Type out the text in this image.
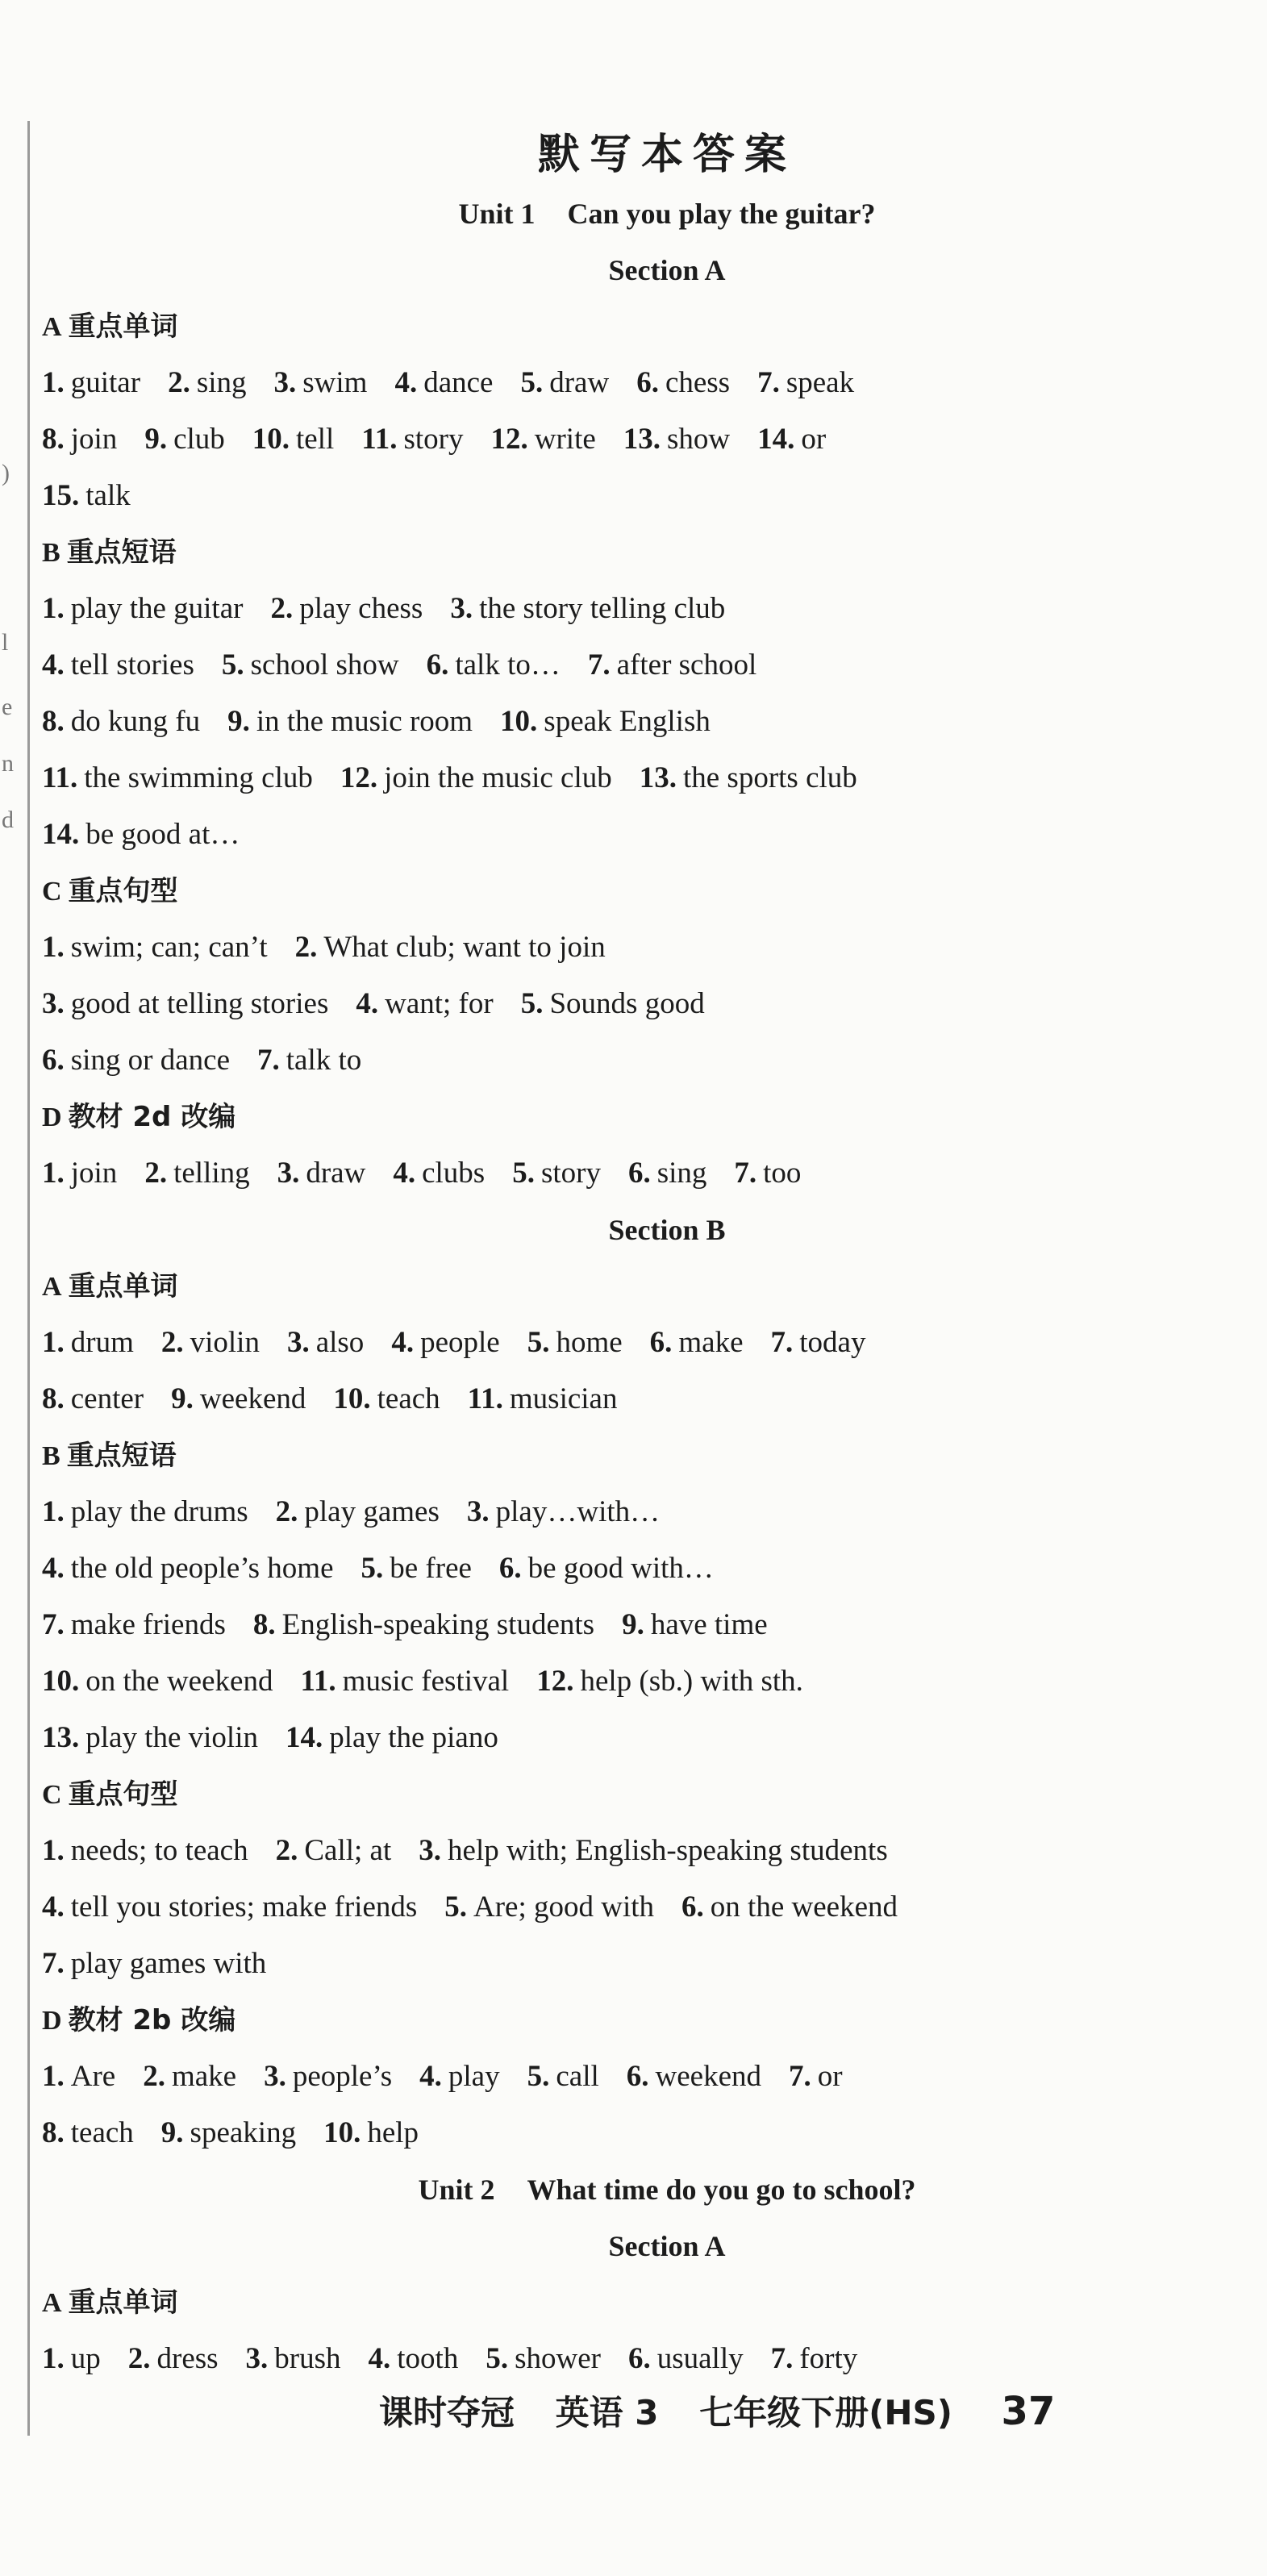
)
l
e
n
d
默写本答案
Unit 1 Can you play the guitar?
Section A
A 重点单词
1. guitar 2. sing 3. swim 4. dance 5. draw 6. chess 7. speak
8. join 9. club 10. tell 11. story 12. write 13. show 14. or
15. talk
B 重点短语
1. play the guitar 2. play chess 3. the story telling club
4. tell stories 5. school show 6. talk to… 7. after school
8. do kung fu 9. in the music room 10. speak English
11. the swimming club 12. join the music club 13. the sports club
14. be good at…
C 重点句型
1. swim; can; can’t 2. What club; want to join
3. good at telling stories 4. want; for 5. Sounds good
6. sing or dance 7. talk to
D 教材 2d 改编
1. join 2. telling 3. draw 4. clubs 5. story 6. sing 7. too
Section B
A 重点单词
1. drum 2. violin 3. also 4. people 5. home 6. make 7. today
8. center 9. weekend 10. teach 11. musician
B 重点短语
1. play the drums 2. play games 3. play…with…
4. the old people’s home 5. be free 6. be good with…
7. make friends 8. English-speaking students 9. have time
10. on the weekend 11. music festival 12. help (sb.) with sth.
13. play the violin 14. play the piano
C 重点句型
1. needs; to teach 2. Call; at 3. help with; English-speaking students
4. tell you stories; make friends 5. Are; good with 6. on the weekend
7. play games with
D 教材 2b 改编
1. Are 2. make 3. people’s 4. play 5. call 6. weekend 7. or
8. teach 9. speaking 10. help
Unit 2 What time do you go to school?
Section A
A 重点单词
1. up 2. dress 3. brush 4. tooth 5. shower 6. usually 7. forty
课时夺冠 英语 3 七年级下册(HS) 37
